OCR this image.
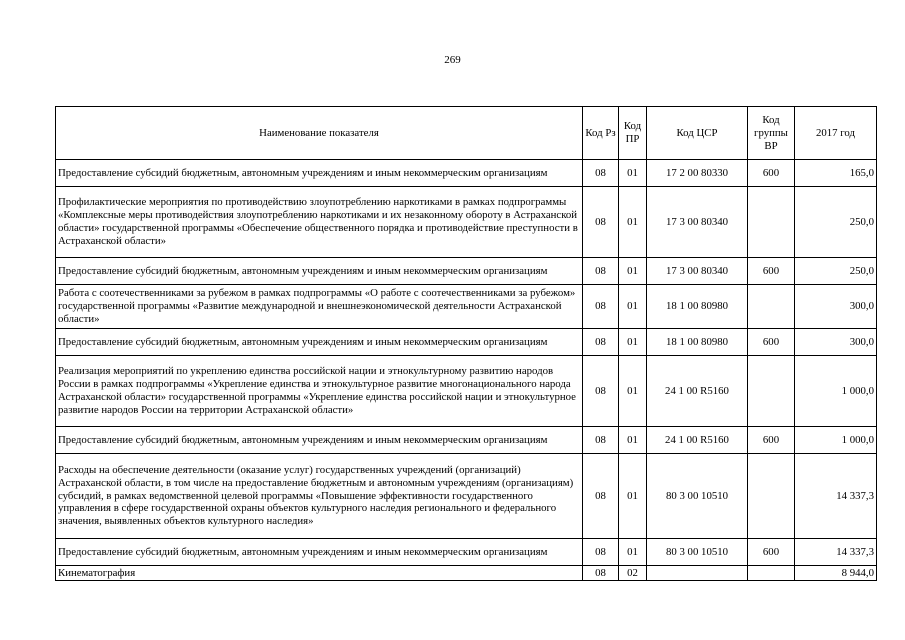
269
Наименование показателя	Код Рз	Код ПР	Код ЦСР	Код группы ВР	2017 год
Предоставление субсидий бюджетным, автономным учреждениям и иным некоммерческим организациям	08	01	17 2 00 80330	600	165,0
Профилактические мероприятия по противодействию злоупотреблению наркотиками в рамках подпрограммы «Комплексные меры противодействия злоупотреблению наркотиками и их незаконному обороту в Астраханской области» государственной программы «Обеспечение общественного порядка и противодействие преступности в Астраханской области»	08	01	17 3 00 80340		250,0
Предоставление субсидий бюджетным, автономным учреждениям и иным некоммерческим организациям	08	01	17 3 00 80340	600	250,0
Работа с соотечественниками за рубежом в рамках подпрограммы «О работе с соотечественниками за рубежом» государственной программы «Развитие международной и внешнеэкономической деятельности Астраханской области»	08	01	18 1 00 80980		300,0
Предоставление субсидий бюджетным, автономным учреждениям и иным некоммерческим организациям	08	01	18 1 00 80980	600	300,0
Реализация мероприятий по укреплению единства российской нации и этнокультурному развитию народов России в рамках подпрограммы «Укрепление единства и этнокультурное развитие многонационального народа Астраханской области» государственной программы «Укрепление единства российской нации и этнокультурное развитие народов России на территории Астраханской области»	08	01	24 1 00 R5160		1 000,0
Предоставление субсидий бюджетным, автономным учреждениям и иным некоммерческим организациям	08	01	24 1 00 R5160	600	1 000,0
Расходы на обеспечение деятельности (оказание услуг) государственных учреждений (организаций) Астраханской области, в том числе на предоставление бюджетным и автономным учреждениям (организациям) субсидий, в рамках ведомственной целевой программы «Повышение эффективности государственного управления в сфере государственной охраны объектов культурного наследия регионального и федерального значения, выявленных объектов культурного наследия»	08	01	80 3 00 10510		14 337,3
Предоставление субсидий бюджетным, автономным учреждениям и иным некоммерческим организациям	08	01	80 3 00 10510	600	14 337,3
Кинематография	08	02			8 944,0
